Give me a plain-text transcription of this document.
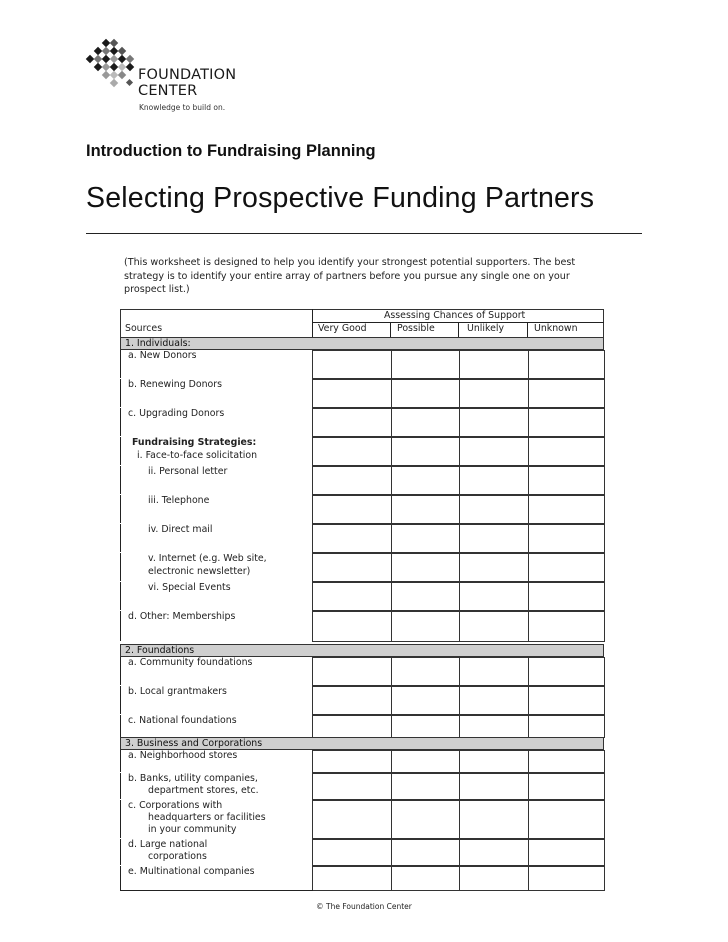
FOUNDATION
CENTER
Knowledge to build on.
Introduction to Fundraising Planning
Selecting Prospective Funding Partners
(This worksheet is designed to help you identify your strongest potential supporters. The best strategy is to identify your entire array of partners before you pursue any single one on your prospect list.)
Assessing Chances of Support
Sources	Very Good	Possible	Unlikely	Unknown
1. Individuals:
a. New Donors
b. Renewing Donors
c. Upgrading Donors
Fundraising Strategies:
i. Face-to-face solicitation
ii. Personal letter
iii. Telephone
iv. Direct mail
v. Internet (e.g. Web site,
electronic newsletter)
vi. Special Events
d. Other: Memberships
2. Foundations
a. Community foundations
b. Local grantmakers
c. National foundations
3. Business and Corporations
a. Neighborhood stores
b. Banks, utility companies,
department stores, etc.
c. Corporations with
headquarters or facilities
in your community
d. Large national
corporations
e. Multinational companies
© The Foundation Center
